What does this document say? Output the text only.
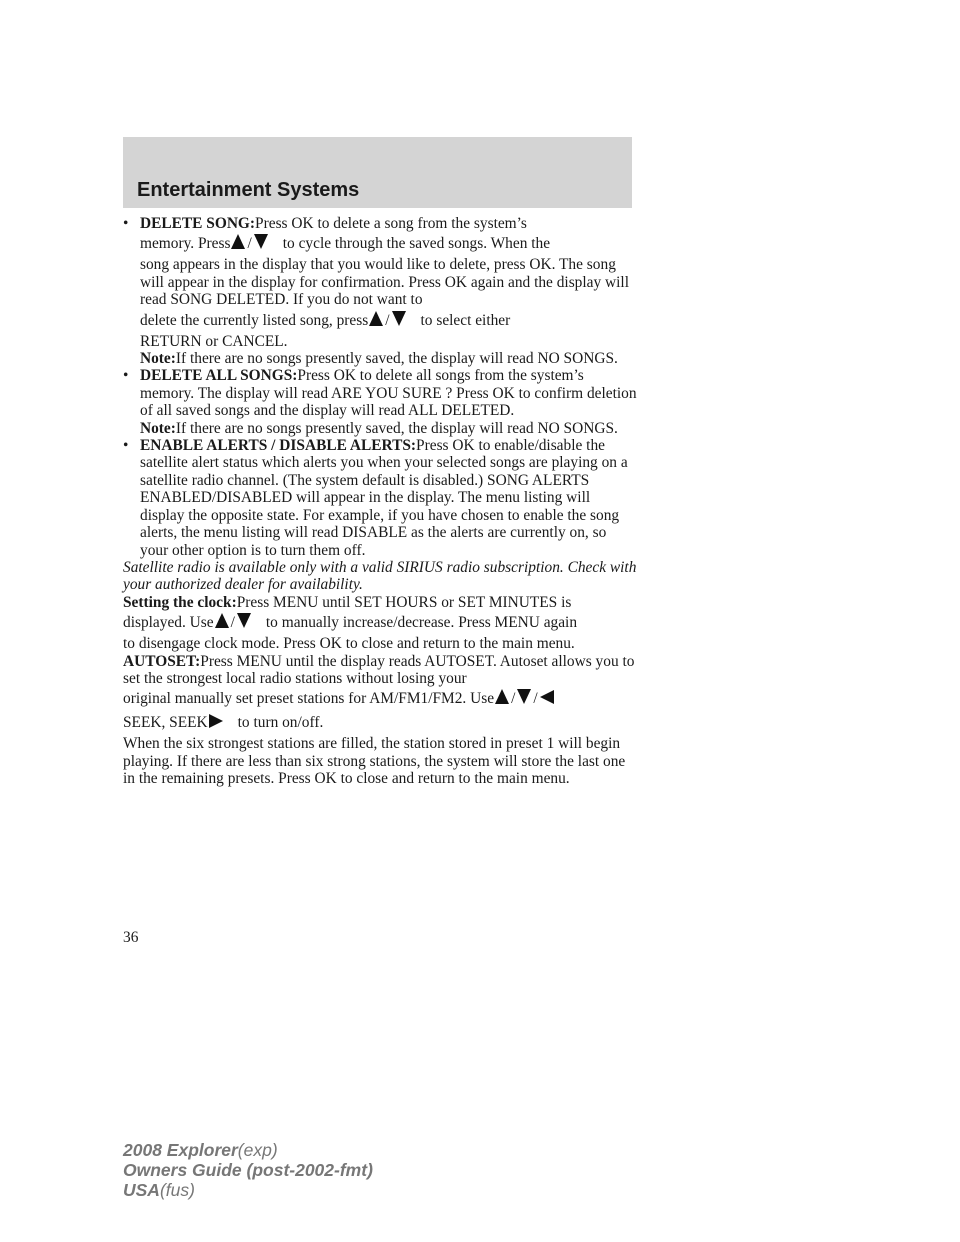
Entertainment Systems

• DELETE SONG:Press OK to delete a song from the system’s
memory. Press / to cycle through the saved songs. When the
song appears in the display that you would like to delete, press OK. The song will appear in the display for confirmation. Press OK again and the display will read SONG DELETED. If you do not want to
delete the currently listed song, press / to select either
RETURN or CANCEL.
Note:If there are no songs presently saved, the display will read NO SONGS.

• DELETE ALL SONGS:Press OK to delete all songs from the system’s memory. The display will read ARE YOU SURE ? Press OK to confirm deletion of all saved songs and the display will read ALL DELETED.
Note:If there are no songs presently saved, the display will read NO SONGS.

• ENABLE ALERTS / DISABLE ALERTS:Press OK to enable/disable the satellite alert status which alerts you when your selected songs are playing on a satellite radio channel. (The system default is disabled.) SONG ALERTS ENABLED/DISABLED will appear in the display. The menu listing will display the opposite state. For example, if you have chosen to enable the song alerts, the menu listing will read DISABLE as the alerts are currently on, so your other option is to turn them off.

Satellite radio is available only with a valid SIRIUS radio subscription. Check with your authorized dealer for availability.

Setting the clock:Press MENU until SET HOURS or SET MINUTES is
displayed. Use / to manually increase/decrease. Press MENU again
to disengage clock mode. Press OK to close and return to the main menu.

AUTOSET:Press MENU until the display reads AUTOSET. Autoset allows you to set the strongest local radio stations without losing your
original manually set preset stations for AM/FM1/FM2. Use / /
SEEK, SEEK to turn on/off.
When the six strongest stations are filled, the station stored in preset 1 will begin playing. If there are less than six strong stations, the system will store the last one in the remaining presets. Press OK to close and return to the main menu.

36
2008 Explorer(exp)
Owners Guide (post-2002-fmt)
USA(fus)
